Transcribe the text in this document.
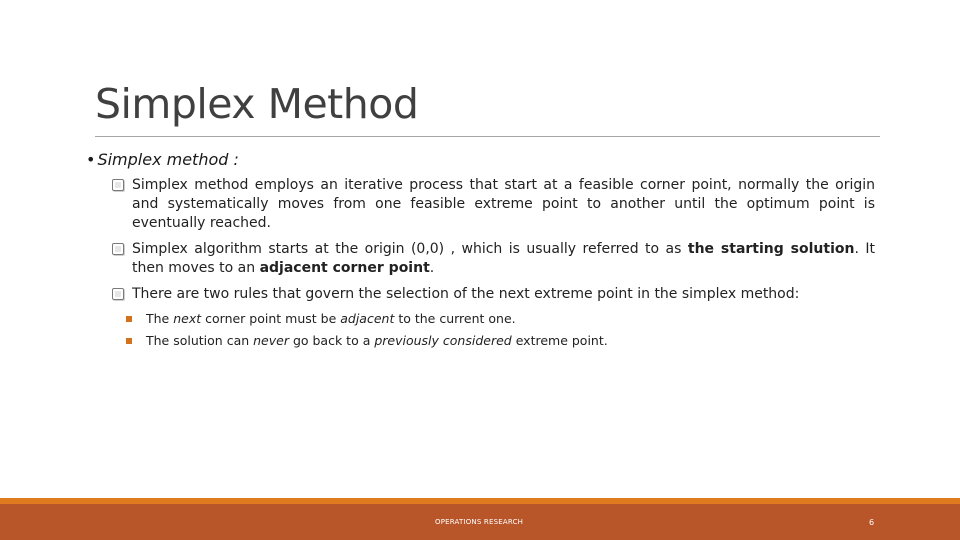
Simplex Method
• Simplex method :
Simplex method employs an iterative process that start at a feasible corner point, normally the origin and systematically moves from one feasible extreme point to another until the optimum point is eventually reached.
Simplex algorithm starts at the origin (0,0) , which is usually referred to as the starting solution. It then moves to an adjacent corner point.
There are two rules that govern the selection of the next extreme point in the simplex method:
The next corner point must be adjacent to the current one.
The solution can never go back to a previously considered extreme point.
OPERATIONS RESEARCH	6
